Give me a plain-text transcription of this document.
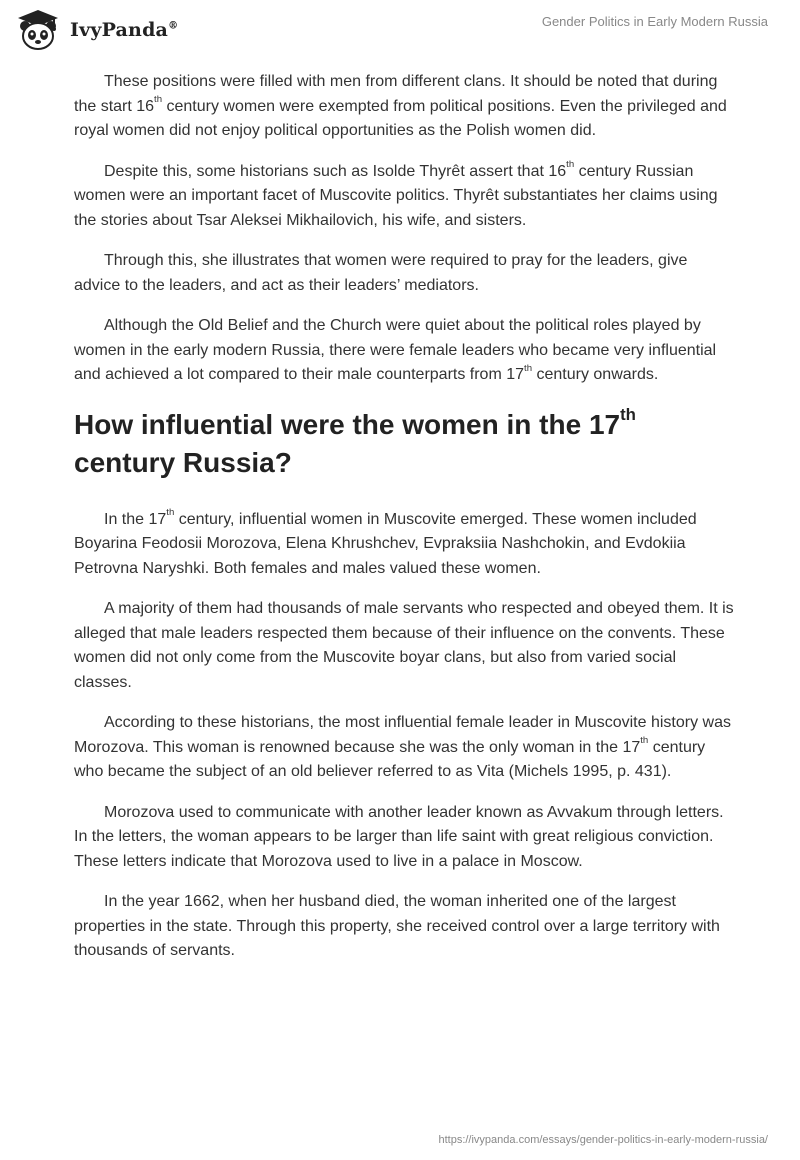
IvyPanda®	Gender Politics in Early Modern Russia

These positions were filled with men from different clans. It should be noted that during the start 16th century women were exempted from political positions. Even the privileged and royal women did not enjoy political opportunities as the Polish women did.

Despite this, some historians such as Isolde Thyrêt assert that 16th century Russian women were an important facet of Muscovite politics. Thyrêt substantiates her claims using the stories about Tsar Aleksei Mikhailovich, his wife, and sisters.

Through this, she illustrates that women were required to pray for the leaders, give advice to the leaders, and act as their leaders’ mediators.

Although the Old Belief and the Church were quiet about the political roles played by women in the early modern Russia, there were female leaders who became very influential and achieved a lot compared to their male counterparts from 17th century onwards.

How influential were the women in the 17th century Russia?

In the 17th century, influential women in Muscovite emerged. These women included Boyarina Feodosii Morozova, Elena Khrushchev, Evpraksiia Nashchokin, and Evdokiia Petrovna Naryshki. Both females and males valued these women.

A majority of them had thousands of male servants who respected and obeyed them. It is alleged that male leaders respected them because of their influence on the convents. These women did not only come from the Muscovite boyar clans, but also from varied social classes.

According to these historians, the most influential female leader in Muscovite history was Morozova. This woman is renowned because she was the only woman in the 17th century who became the subject of an old believer referred to as Vita (Michels 1995, p. 431).

Morozova used to communicate with another leader known as Avvakum through letters. In the letters, the woman appears to be larger than life saint with great religious conviction. These letters indicate that Morozova used to live in a palace in Moscow.

In the year 1662, when her husband died, the woman inherited one of the largest properties in the state. Through this property, she received control over a large territory with thousands of servants.

https://ivypanda.com/essays/gender-politics-in-early-modern-russia/
